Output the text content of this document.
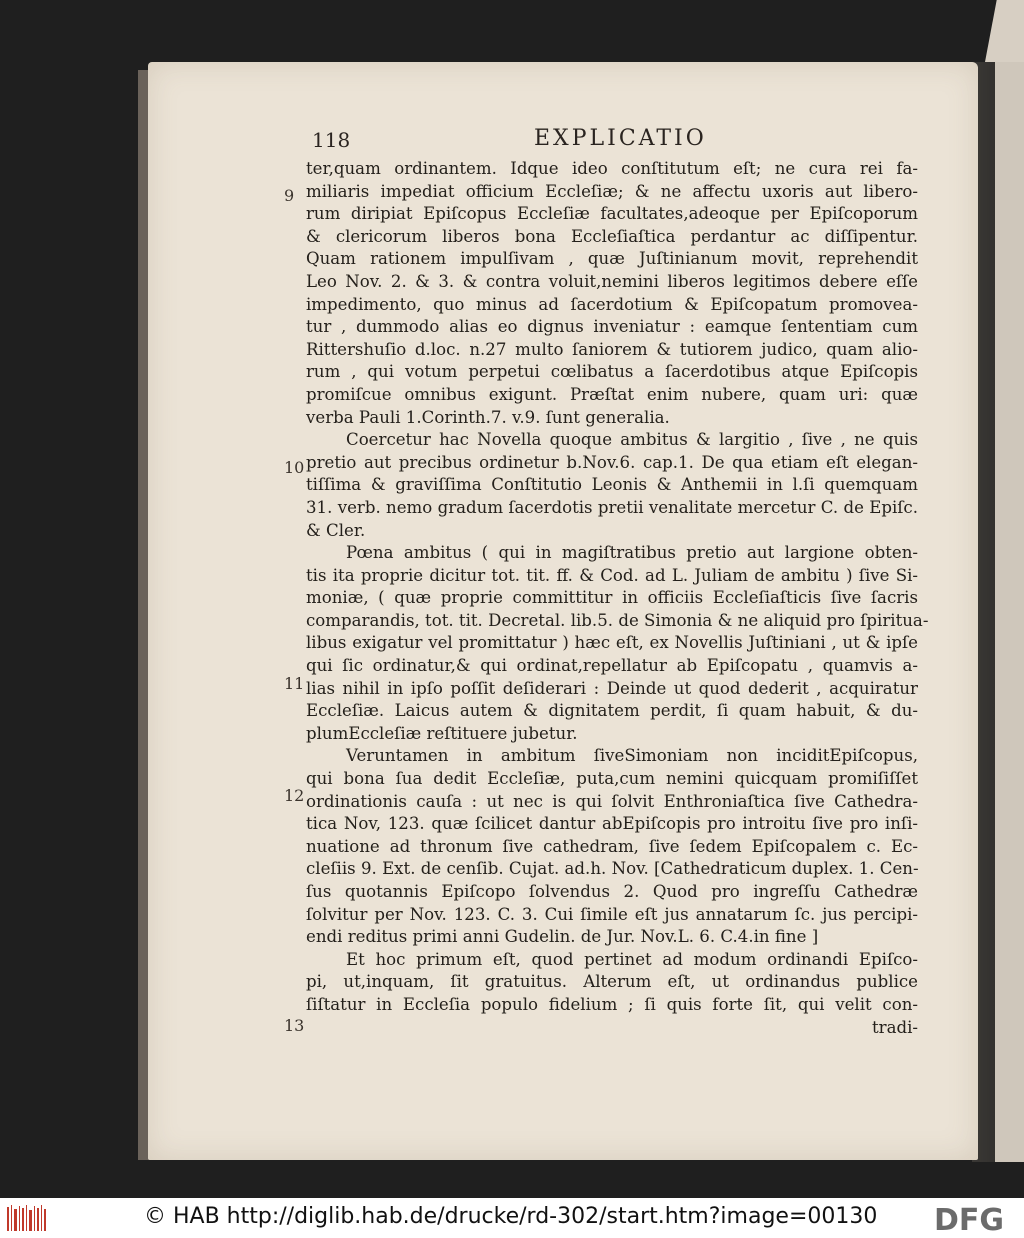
118	EXPLICATIO
ter,quam ordinantem. Idque ideo conſtitutum eſt; ne cura rei fa-
miliaris impediat officium Eccleſiæ; & ne affectu uxoris aut libero-
rum diripiat Epiſcopus Eccleſiæ facultates,adeoque per Epiſcoporum
& clericorum liberos bona Eccleſiaſtica perdantur ac diſſipentur.
Quam rationem impulſivam , quæ Juſtinianum movit, reprehendit
Leo Nov. 2. & 3. & contra voluit,nemini liberos legitimos debere eſſe
impedimento, quo minus ad ſacerdotium & Epiſcopatum promovea-
tur , dummodo alias eo dignus inveniatur : eamque ſententiam cum
Rittershuſio d.loc. n.27 multo ſaniorem & tutiorem judico, quam alio-
rum , qui votum perpetui cœlibatus a ſacerdotibus atque Epiſcopis
promiſcue omnibus exigunt. Præſtat enim nubere, quam uri: quæ
verba Pauli 1.Corinth.7. v.9. ſunt generalia.
Coercetur hac Novella quoque ambitus & largitio , ſive , ne quis
pretio aut precibus ordinetur b.Nov.6. cap.1. De qua etiam eſt elegan-
tiſſima & graviſſima Conſtitutio Leonis & Anthemii in l.ſi quemquam
31. verb. nemo gradum ſacerdotis pretii venalitate mercetur C. de Epiſc.
& Cler.
Pœna ambitus ( qui in magiſtratibus pretio aut largione obten-
tis ita proprie dicitur tot. tit. ff. & Cod. ad L. Juliam de ambitu ) ſive Si-
moniæ, ( quæ proprie committitur in officiis Eccleſiaſticis ſive ſacris
comparandis, tot. tit. Decretal. lib.5. de Simonia & ne aliquid pro ſpiritua-
libus exigatur vel promittatur ) hæc eſt, ex Novellis Juſtiniani , ut & ipſe
qui ſic ordinatur,& qui ordinat,repellatur ab Epiſcopatu , quamvis a-
lias nihil in ipſo poſſit deſiderari : Deinde ut quod dederit , acquiratur
Eccleſiæ. Laicus autem & dignitatem perdit, ſi quam habuit, & du-
plumEccleſiæ reſtituere jubetur.
Veruntamen in ambitum ſiveSimoniam non inciditEpiſcopus,
qui bona ſua dedit Eccleſiæ, puta,cum nemini quicquam promiſiſſet
ordinationis cauſa : ut nec is qui ſolvit Enthroniaſtica ſive Cathedra-
tica Nov, 123. quæ ſcilicet dantur abEpiſcopis pro introitu ſive pro inſi-
nuatione ad thronum ſive cathedram, ſive ſedem Epiſcopalem c. Ec-
cleſiis 9. Ext. de cenſib. Cujat. ad.h. Nov. [Cathedraticum duplex. 1. Cen-
ſus quotannis Epiſcopo ſolvendus 2. Quod pro ingreſſu Cathedræ
ſolvitur per Nov. 123. C. 3. Cui ſimile eſt jus annatarum ſc. jus percipi-
endi reditus primi anni Gudelin. de Jur. Nov.L. 6. C.4.in fine ]
Et hoc primum eſt, quod pertinet ad modum ordinandi Epiſco-
pi, ut,inquam, ſit gratuitus. Alterum eſt, ut ordinandus publice
ſiſtatur in Eccleſia populo fidelium ; ſi quis forte ſit, qui velit con-
tradi-
9
10
11
12
13
© HAB http://diglib.hab.de/drucke/rd-302/start.htm?image=00130 DFG
